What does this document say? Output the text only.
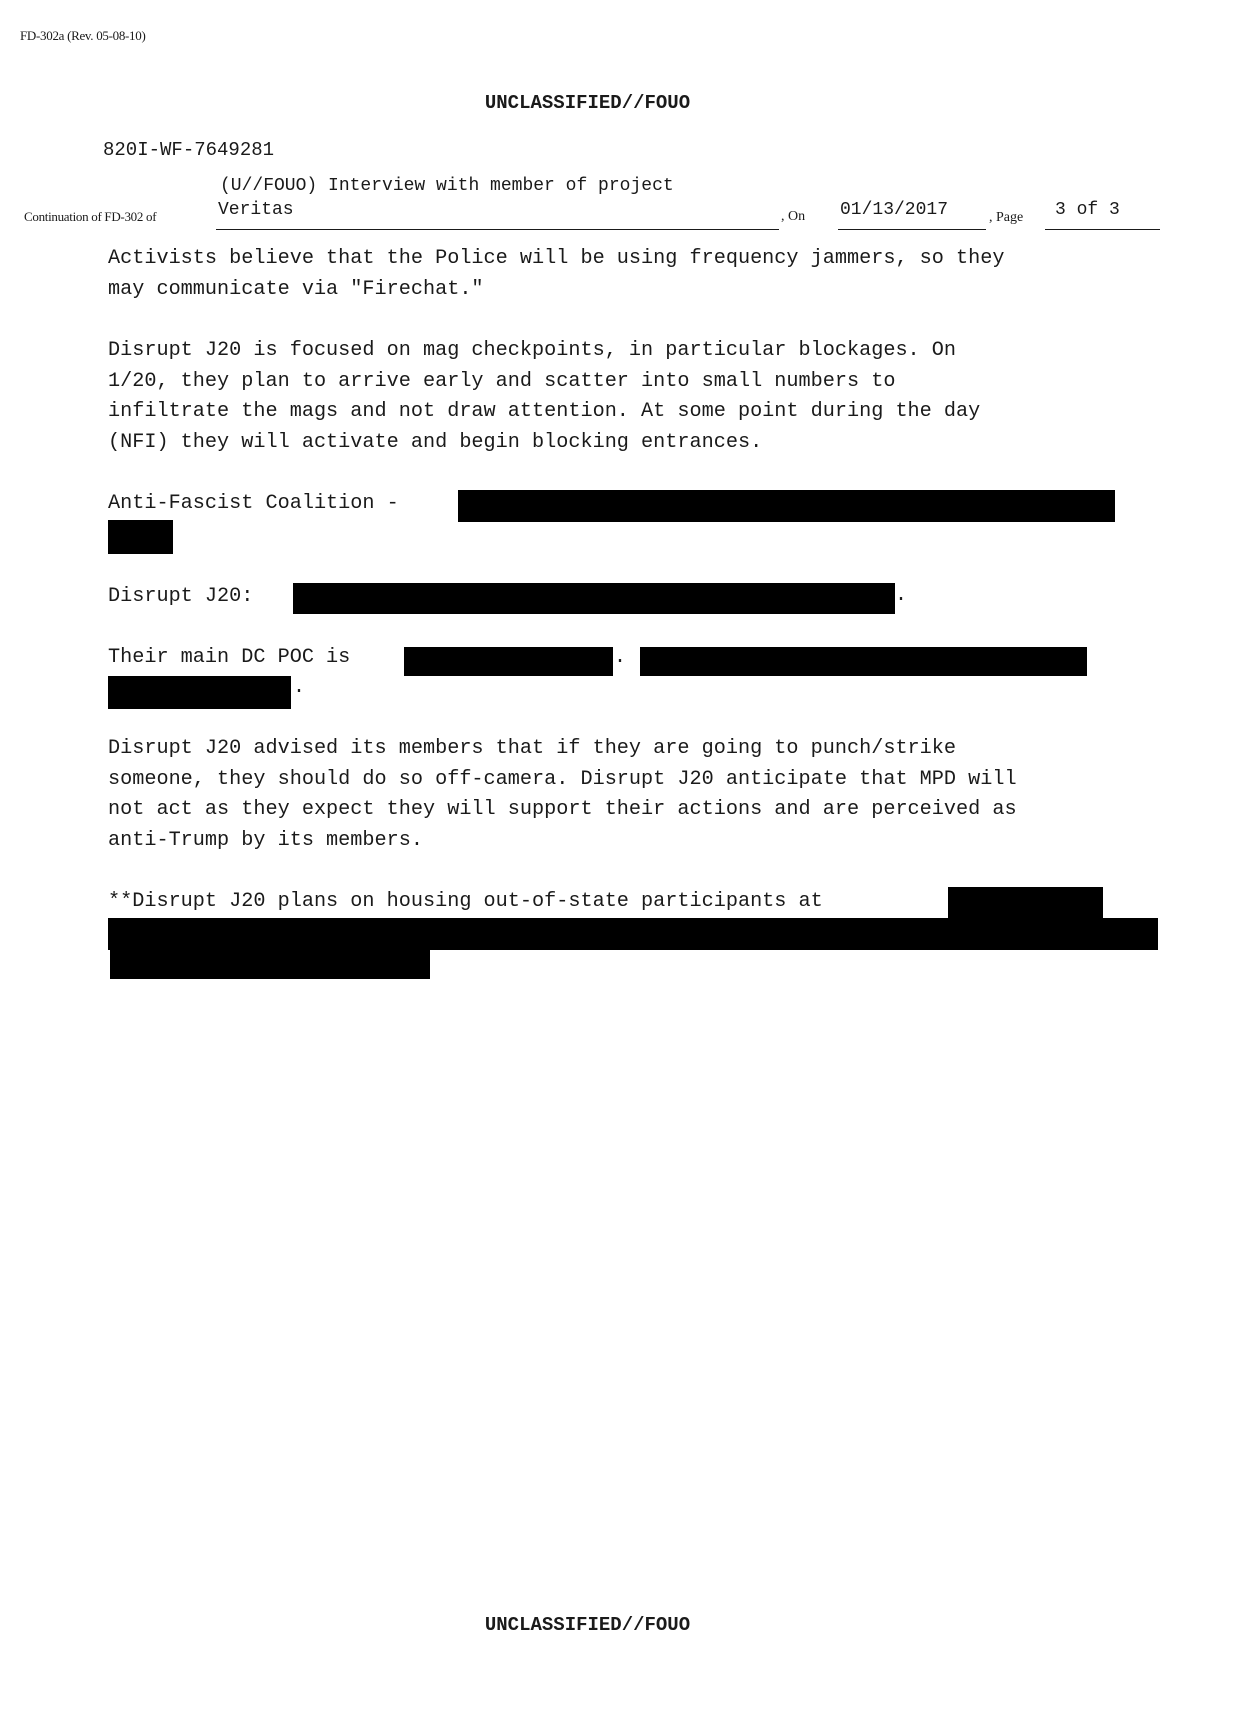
FD-302a (Rev. 05-08-10)
UNCLASSIFIED//FOUO
820I-WF-7649281
(U//FOUO) Interview with member of project
Continuation of FD-302 of	Veritas	, On 01/13/2017	, Page 3 of 3

Activists believe that the Police will be using frequency jammers, so they
may communicate via "Firechat."

Disrupt J20 is focused on mag checkpoints, in particular blockages. On
1/20, they plan to arrive early and scatter into small numbers to
infiltrate the mags and not draw attention. At some point during the day
(NFI) they will activate and begin blocking entrances.

Anti-Fascist Coalition -

Disrupt J20:	.

Their main DC POC is	.
.

Disrupt J20 advised its members that if they are going to punch/strike
someone, they should do so off-camera. Disrupt J20 anticipate that MPD will
not act as they expect they will support their actions and are perceived as
anti-Trump by its members.

**Disrupt J20 plans on housing out-of-state participants at

UNCLASSIFIED//FOUO
